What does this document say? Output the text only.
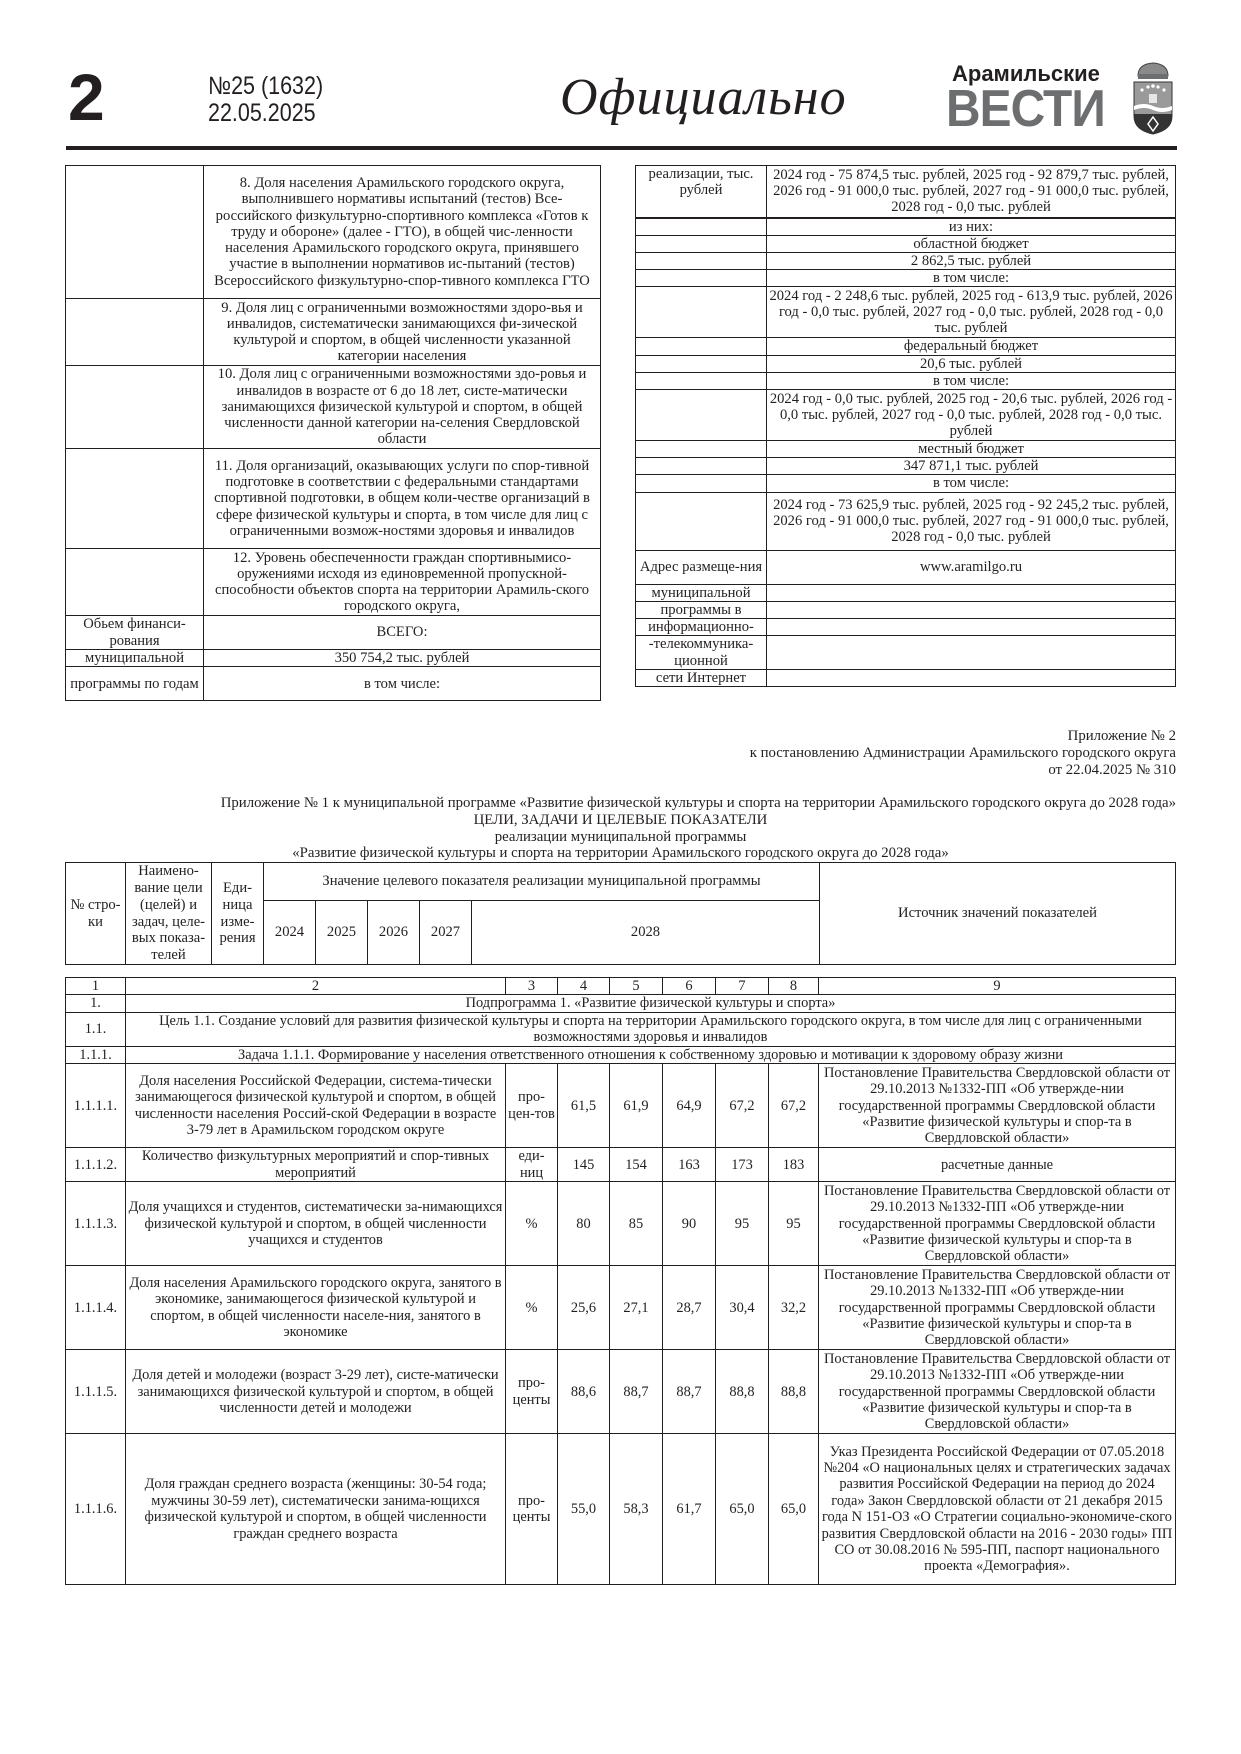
2	№25 (1632)
22.05.2025	Официально	Арамильские
ВЕСТИ
	8. Доля населения Арамильского городского округа, выполнившего нормативы испытаний (тестов) Все-российского физкультурно-спортивного комплекса «Готов к труду и обороне» (далее - ГТО), в общей чис-ленности населения Арамильского городского округа, принявшего участие в выполнении нормативов ис-пытаний (тестов) Всероссийского физкультурно-спор-тивного комплекса ГТО
	9. Доля лиц с ограниченными возможностями здоро-вья и инвалидов, систематически занимающихся фи-зической культурой и спортом, в общей численности указанной категории населения
	10. Доля лиц с ограниченными возможностями здо-ровья и инвалидов в возрасте от 6 до 18 лет, систе-матически занимающихся физической культурой и спортом, в общей численности данной категории на-селения Свердловской области
	11. Доля организаций, оказывающих услуги по спор-тивной подготовке в соответствии с федеральными стандартами спортивной подготовки, в общем коли-честве организаций в сфере физической культуры и спорта, в том числе для лиц с ограниченными возмож-ностями здоровья и инвалидов
	12. Уровень обеспеченности граждан спортивнымисо-оружениями исходя из единовременной пропускной-способности объектов спорта на территории Арамиль-ского городского округа,
Обьем финанси-рования	ВСЕГО:
муниципальной	350 754,2 тыс. рублей
программы по годам	в том числе:
реализации, тыс. рублей	2024 год - 75 874,5 тыс. рублей, 2025 год - 92 879,7 тыс. рублей, 2026 год - 91 000,0 тыс. рублей, 2027 год - 91 000,0 тыс. рублей, 2028 год - 0,0 тыс. рублей
	из них:
	областной бюджет
	2 862,5 тыс. рублей
	в том числе:
	2024 год - 2 248,6 тыс. рублей, 2025 год - 613,9 тыс. рублей, 2026 год - 0,0 тыс. рублей, 2027 год - 0,0 тыс. рублей, 2028 год - 0,0 тыс. рублей
	федеральный бюджет
	20,6 тыс. рублей
	в том числе:
	2024 год - 0,0 тыс. рублей, 2025 год - 20,6 тыс. рублей, 2026 год - 0,0 тыс. рублей, 2027 год - 0,0 тыс. рублей, 2028 год - 0,0 тыс. рублей
	местный бюджет
	347 871,1 тыс. рублей
	в том числе:
	2024 год - 73 625,9 тыс. рублей, 2025 год - 92 245,2 тыс. рублей, 2026 год - 91 000,0 тыс. рублей, 2027 год - 91 000,0 тыс. рублей, 2028 год - 0,0 тыс. рублей
Адрес размеще-ния	www.aramilgo.ru
муниципальной	
программы в	
информационно-	
-телекоммуника-ционной	
сети Интернет	
Приложение № 2
к постановлению Администрации Арамильского городского округа
от 22.04.2025 № 310
Приложение № 1 к муниципальной программе «Развитие физической культуры и спорта на территории Арамильского городского округа до 2028 года»
ЦЕЛИ, ЗАДАЧИ И ЦЕЛЕВЫЕ ПОКАЗАТЕЛИ
реализации муниципальной программы
«Развитие физической культуры и спорта на территории Арамильского городского округа до 2028 года»
№ стро-ки	Наимено-вание цели (целей) и задач, целе-вых показа-телей	Еди-ница изме-рения	Значение целевого показателя реализации муниципальной программы					Источник значений показателей
			2024	2025	2026	2027	2028	
1	2	3	4	5	6	7	8	9
1.	Подпрограмма 1. «Развитие физической культуры и спорта»							
1.1.	Цель 1.1. Создание условий для развития физической культуры и спорта на территории Арамильского городского округа, в том числе для лиц с ограниченными возможностями здоровья и инвалидов							
1.1.1.	Задача 1.1.1. Формирование у населения ответственного отношения к собственному здоровью и мотивации к здоровому образу жизни							
1.1.1.1.	Доля населения Российской Федерации, система-тически занимающегося физической культурой и спортом, в общей численности населения Россий-ской Федерации в возрасте 3-79 лет в Арамильском городском округе	про-цен-тов	61,5	61,9	64,9	67,2	67,2	Постановление Правительства Свердловской области от 29.10.2013 №1332-ПП «Об утвержде-нии государственной программы Свердловской области «Развитие физической культуры и спор-та в Свердловской области»
1.1.1.2.	Количество физкультурных мероприятий и спор-тивных мероприятий	еди-ниц	145	154	163	173	183	расчетные данные
1.1.1.3.	Доля учащихся и студентов, систематически за-нимающихся физической культурой и спортом, в общей численности учащихся и студентов	%	80	85	90	95	95	Постановление Правительства Свердловской области от 29.10.2013 №1332-ПП «Об утвержде-нии государственной программы Свердловской области «Развитие физической культуры и спор-та в Свердловской области»
1.1.1.4.	Доля населения Арамильского городского округа, занятого в экономике, занимающегося физической культурой и спортом, в общей численности населе-ния, занятого в экономике	%	25,6	27,1	28,7	30,4	32,2	Постановление Правительства Свердловской области от 29.10.2013 №1332-ПП «Об утвержде-нии государственной программы Свердловской области «Развитие физической культуры и спор-та в Свердловской области»
1.1.1.5.	Доля детей и молодежи (возраст 3-29 лет), систе-матически занимающихся физической культурой и спортом, в общей численности детей и молодежи	про-центы	88,6	88,7	88,7	88,8	88,8	Постановление Правительства Свердловской области от 29.10.2013 №1332-ПП «Об утвержде-нии государственной программы Свердловской области «Развитие физической культуры и спор-та в Свердловской области»
1.1.1.6.	Доля граждан среднего возраста (женщины: 30-54 года; мужчины 30-59 лет), систематически занима-ющихся физической культурой и спортом, в общей численности граждан среднего возраста	про-центы	55,0	58,3	61,7	65,0	65,0	Указ Президента Российской Федерации от 07.05.2018 №204 «О национальных целях и стратегических задачах развития Российской Федерации на период до 2024 года» Закон Свердловской области от 21 декабря 2015 года N 151-ОЗ «О Стратегии социально-экономиче-ского развития Свердловской области на 2016 - 2030 годы» ПП СО от 30.08.2016 № 595-ПП, паспорт национального проекта «Демография».
